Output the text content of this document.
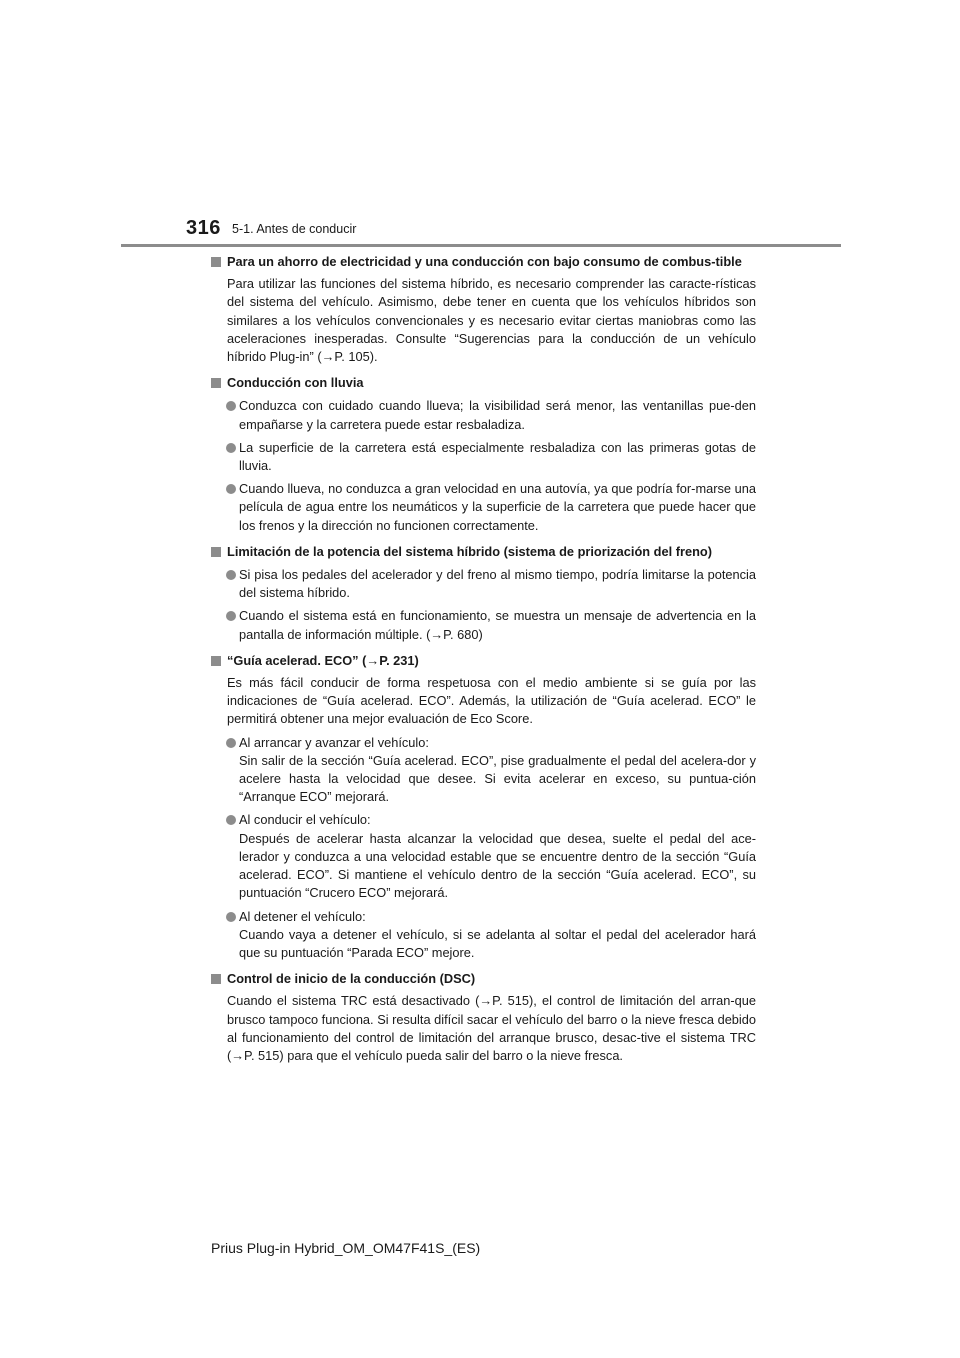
316 5-1. Antes de conducir
Para un ahorro de electricidad y una conducción con bajo consumo de combus-tible
Para utilizar las funciones del sistema híbrido, es necesario comprender las caracte-rísticas del sistema del vehículo. Asimismo, debe tener en cuenta que los vehículos híbridos son similares a los vehículos convencionales y es necesario evitar ciertas maniobras como las aceleraciones inesperadas. Consulte “Sugerencias para la conducción de un vehículo híbrido Plug-in” (→P. 105).
Conducción con lluvia
Conduzca con cuidado cuando llueva; la visibilidad será menor, las ventanillas pue-den empañarse y la carretera puede estar resbaladiza.
La superficie de la carretera está especialmente resbaladiza con las primeras gotas de lluvia.
Cuando llueva, no conduzca a gran velocidad en una autovía, ya que podría for-marse una película de agua entre los neumáticos y la superficie de la carretera que puede hacer que los frenos y la dirección no funcionen correctamente.
Limitación de la potencia del sistema híbrido (sistema de priorización del freno)
Si pisa los pedales del acelerador y del freno al mismo tiempo, podría limitarse la potencia del sistema híbrido.
Cuando el sistema está en funcionamiento, se muestra un mensaje de advertencia en la pantalla de información múltiple. (→P. 680)
“Guía acelerad. ECO” (→P. 231)
Es más fácil conducir de forma respetuosa con el medio ambiente si se guía por las indicaciones de “Guía acelerad. ECO”. Además, la utilización de “Guía acelerad. ECO” le permitirá obtener una mejor evaluación de Eco Score.
Al arrancar y avanzar el vehículo:
Sin salir de la sección “Guía acelerad. ECO”, pise gradualmente el pedal del acelera-dor y acelere hasta la velocidad que desee. Si evita acelerar en exceso, su puntua-ción “Arranque ECO” mejorará.
Al conducir el vehículo:
Después de acelerar hasta alcanzar la velocidad que desea, suelte el pedal del ace-lerador y conduzca a una velocidad estable que se encuentre dentro de la sección “Guía acelerad. ECO”. Si mantiene el vehículo dentro de la sección “Guía acelerad. ECO”, su puntuación “Crucero ECO” mejorará.
Al detener el vehículo:
Cuando vaya a detener el vehículo, si se adelanta al soltar el pedal del acelerador hará que su puntuación “Parada ECO” mejore.
Control de inicio de la conducción (DSC)
Cuando el sistema TRC está desactivado (→P. 515), el control de limitación del arran-que brusco tampoco funciona. Si resulta difícil sacar el vehículo del barro o la nieve fresca debido al funcionamiento del control de limitación del arranque brusco, desac-tive el sistema TRC (→P. 515) para que el vehículo pueda salir del barro o la nieve fresca.
Prius Plug-in Hybrid_OM_OM47F41S_(ES)
